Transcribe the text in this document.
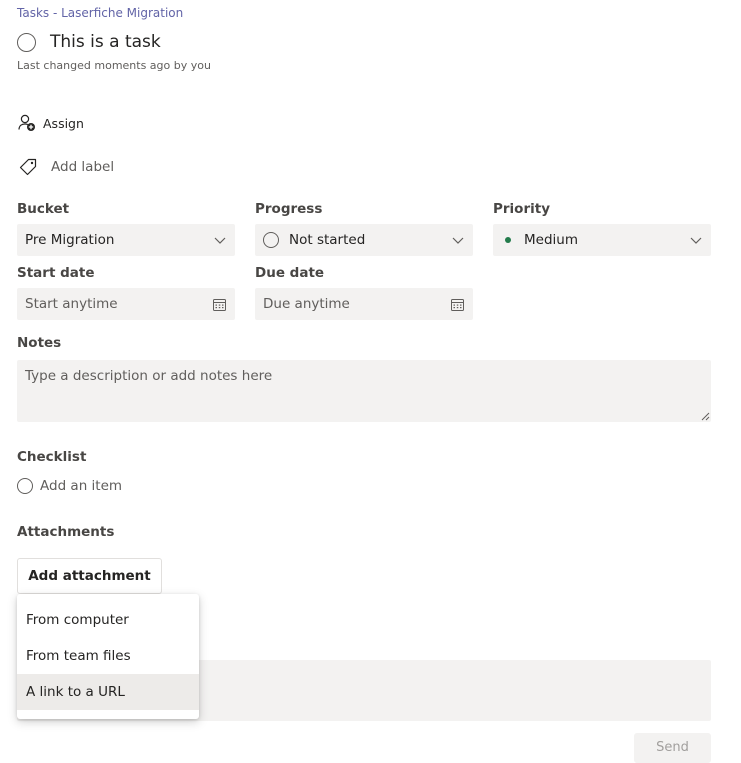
Tasks - Laserfiche Migration
This is a task
Last changed moments ago by you
Assign
Add label
Bucket	Progress	Priority
Pre Migration	Not started	Medium
Start date	Due date
Start anytime	Due anytime
Notes
Type a description or add notes here
Checklist
Add an item
Attachments
Add attachment
Send
From computer
From team files
A link to a URL
